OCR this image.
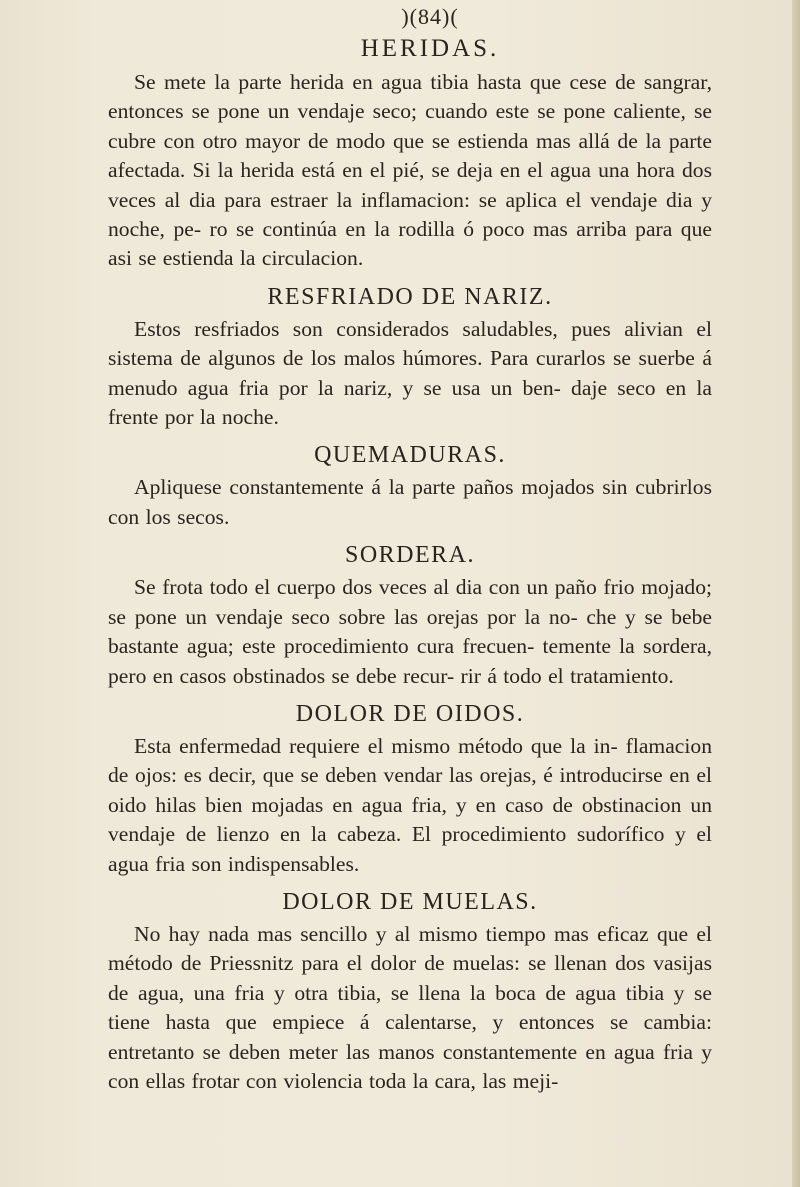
)(84)(
HERIDAS.

Se mete la parte herida en agua tibia hasta que cese de sangrar, entonces se pone un vendaje seco; cuando este se pone caliente, se cubre con otro mayor de modo que se estienda mas allá de la parte afectada. Si la herida está en el pié, se deja en el agua una hora dos veces al dia para estraer la inflamacion: se aplica el vendaje dia y noche, pe- ro se continúa en la rodilla ó poco mas arriba para que asi se estienda la circulacion.

RESFRIADO DE NARIZ.

Estos resfriados son considerados saludables, pues alivian el sistema de algunos de los malos húmores. Para curarlos se suerbe á menudo agua fria por la nariz, y se usa un ben- daje seco en la frente por la noche.

QUEMADURAS.

Apliquese constantemente á la parte paños mojados sin cubrirlos con los secos.

SORDERA.

Se frota todo el cuerpo dos veces al dia con un paño frio mojado; se pone un vendaje seco sobre las orejas por la no- che y se bebe bastante agua; este procedimiento cura frecuen- temente la sordera, pero en casos obstinados se debe recur- rir á todo el tratamiento.

DOLOR DE OIDOS.

Esta enfermedad requiere el mismo método que la in- flamacion de ojos: es decir, que se deben vendar las orejas, é introducirse en el oido hilas bien mojadas en agua fria, y en caso de obstinacion un vendaje de lienzo en la cabeza. El procedimiento sudorífico y el agua fria son indispensables.

DOLOR DE MUELAS.

No hay nada mas sencillo y al mismo tiempo mas eficaz que el método de Priessnitz para el dolor de muelas: se llenan dos vasijas de agua, una fria y otra tibia, se llena la boca de agua tibia y se tiene hasta que empiece á calentarse, y entonces se cambia: entretanto se deben meter las manos constantemente en agua fria y con ellas frotar con violencia toda la cara, las meji-
